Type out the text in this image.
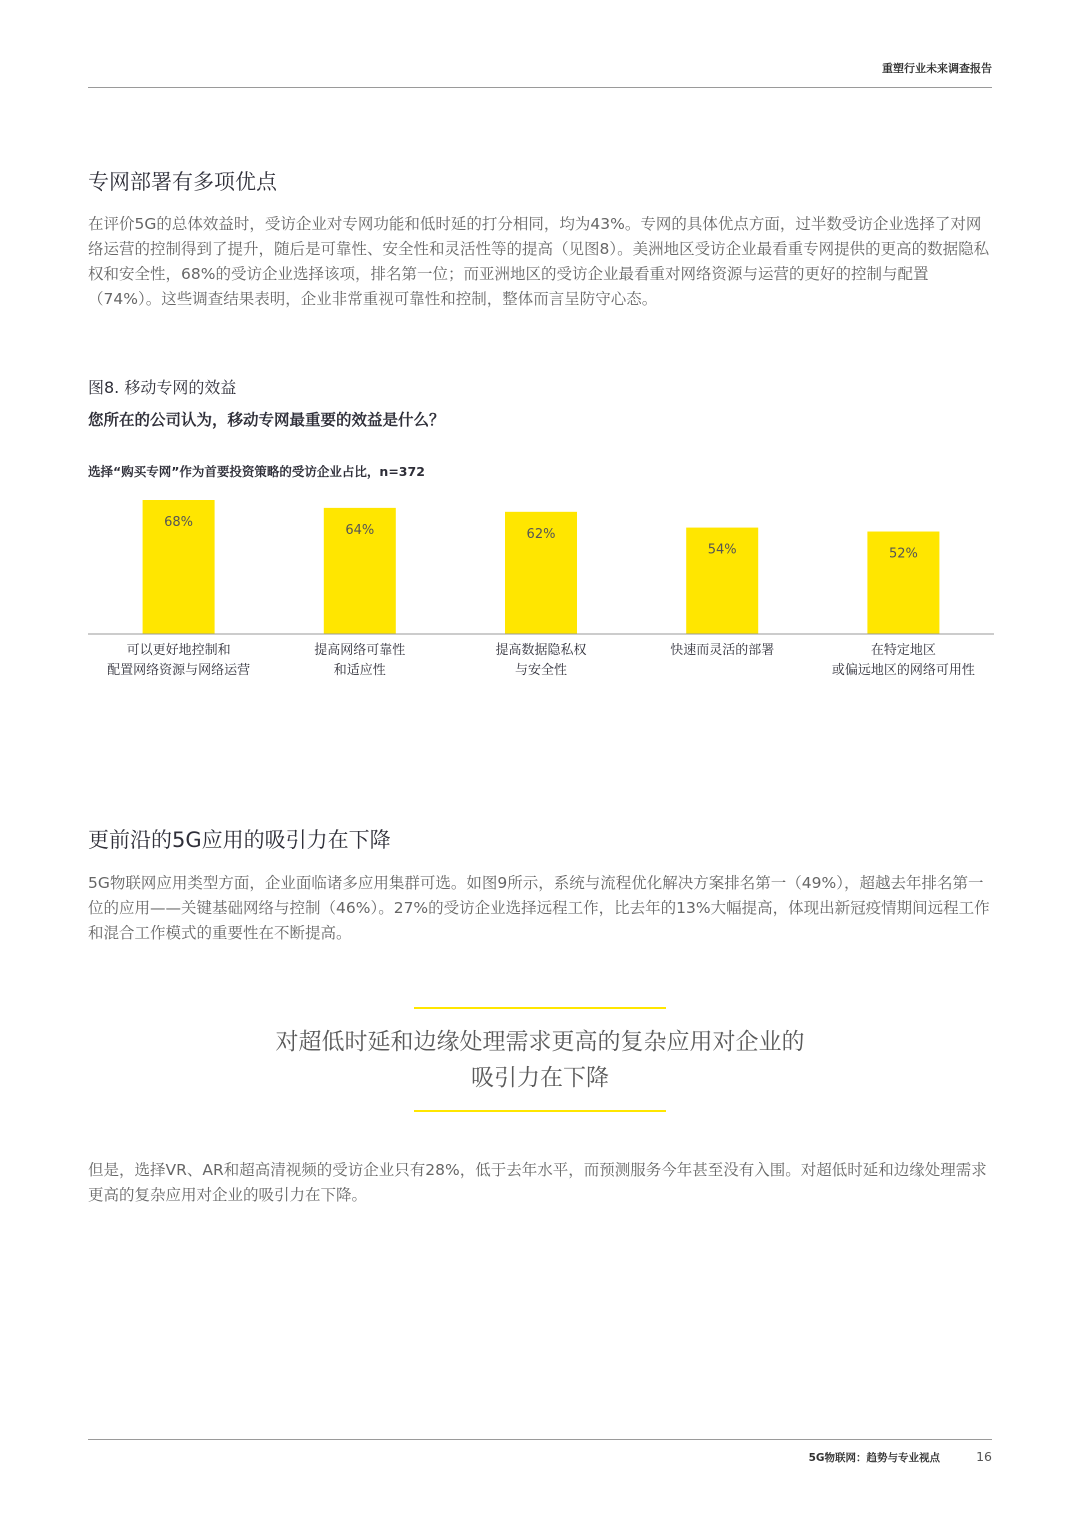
重塑行业未来调查报告
专网部署有多项优点

在评价5G的总体效益时，受访企业对专网功能和低时延的打分相同，均为43%。专网的具体优点方面，过半数受访企业选择了对网络运营的控制得到了提升，随后是可靠性、安全性和灵活性等的提高（见图8）。美洲地区受访企业最看重专网提供的更高的数据隐私权和安全性，68%的受访企业选择该项，排名第一位；而亚洲地区的受访企业最看重对网络资源与运营的更好的控制与配置（74%）。这些调查结果表明，企业非常重视可靠性和控制，整体而言呈防守心态。

图8. 移动专网的效益
您所在的公司认为，移动专网最重要的效益是什么？
选择“购买专网”作为首要投资策略的受访企业占比，n=372
68%
可以更好地控制和
配置网络资源与网络运营
64%
提高网络可靠性
和适应性
62%
提高数据隐私权
与安全性
54%
快速而灵活的部署
52%
在特定地区
或偏远地区的网络可用性
更前沿的5G应用的吸引力在下降

5G物联网应用类型方面，企业面临诸多应用集群可选。如图9所示，系统与流程优化解决方案排名第一（49%），超越去年排名第一位的应用——关键基础网络与控制（46%）。27%的受访企业选择远程工作，比去年的13%大幅提高，体现出新冠疫情期间远程工作和混合工作模式的重要性在不断提高。

对超低时延和边缘处理需求更高的复杂应用对企业的
吸引力在下降

但是，选择VR、AR和超高清视频的受访企业只有28%，低于去年水平，而预测服务今年甚至没有入围。对超低时延和边缘处理需求更高的复杂应用对企业的吸引力在下降。

5G物联网：趋势与专业视点	16
